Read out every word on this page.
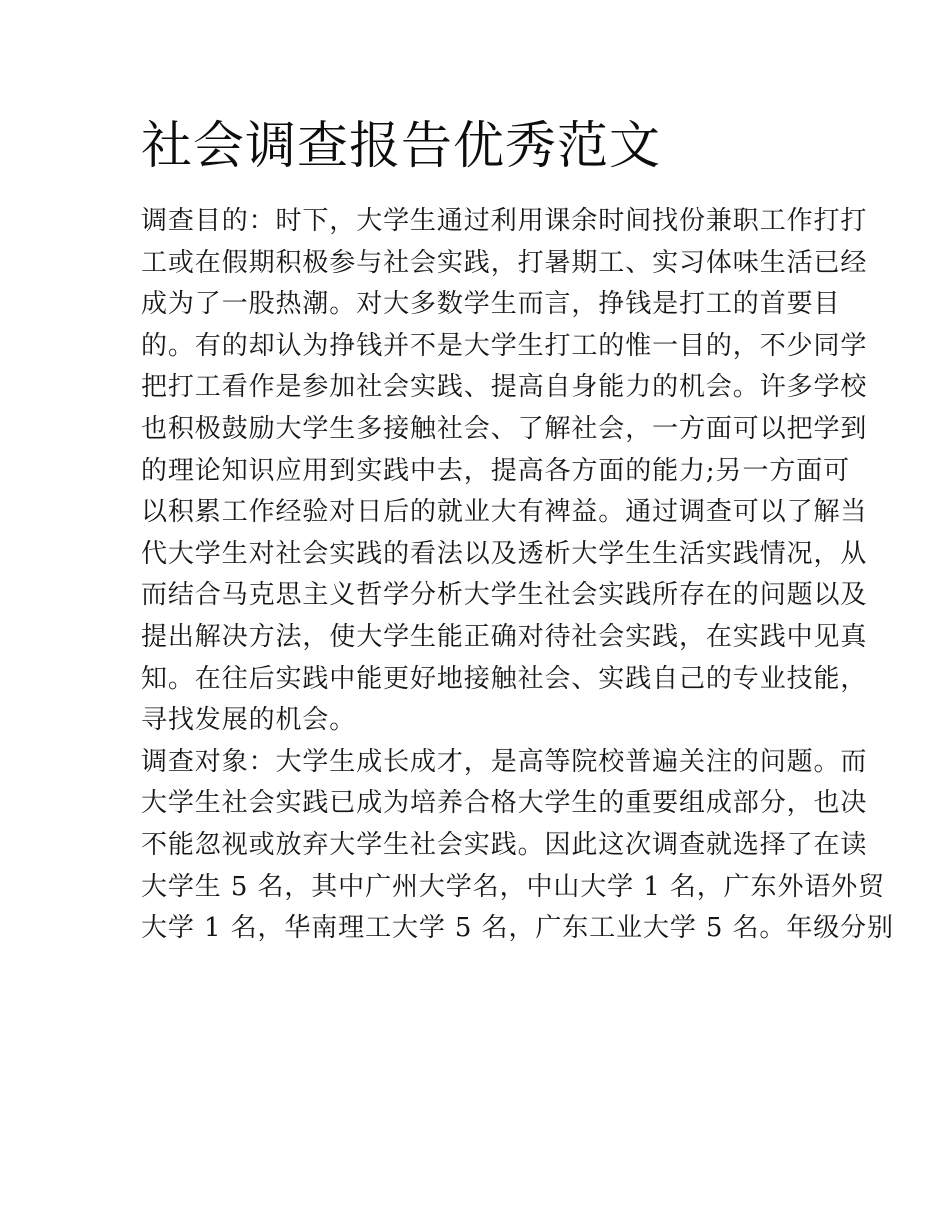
社会调查报告优秀范文
调查目的：时下，大学生通过利用课余时间找份兼职工作打打
工或在假期积极参与社会实践，打暑期工、实习体味生活已经
成为了一股热潮。对大多数学生而言，挣钱是打工的首要目
的。有的却认为挣钱并不是大学生打工的惟一目的，不少同学
把打工看作是参加社会实践、提高自身能力的机会。许多学校
也积极鼓励大学生多接触社会、了解社会，一方面可以把学到
的理论知识应用到实践中去，提高各方面的能力;另一方面可
以积累工作经验对日后的就业大有裨益。通过调查可以了解当
代大学生对社会实践的看法以及透析大学生生活实践情况，从
而结合马克思主义哲学分析大学生社会实践所存在的问题以及
提出解决方法，使大学生能正确对待社会实践，在实践中见真
知。在往后实践中能更好地接触社会、实践自己的专业技能，
寻找发展的机会。
调查对象：大学生成长成才，是高等院校普遍关注的问题。而
大学生社会实践已成为培养合格大学生的重要组成部分，也决
不能忽视或放弃大学生社会实践。因此这次调查就选择了在读
大学生 5 名，其中广州大学名，中山大学 1 名，广东外语外贸
大学 1 名，华南理工大学 5 名，广东工业大学 5 名。年级分别
